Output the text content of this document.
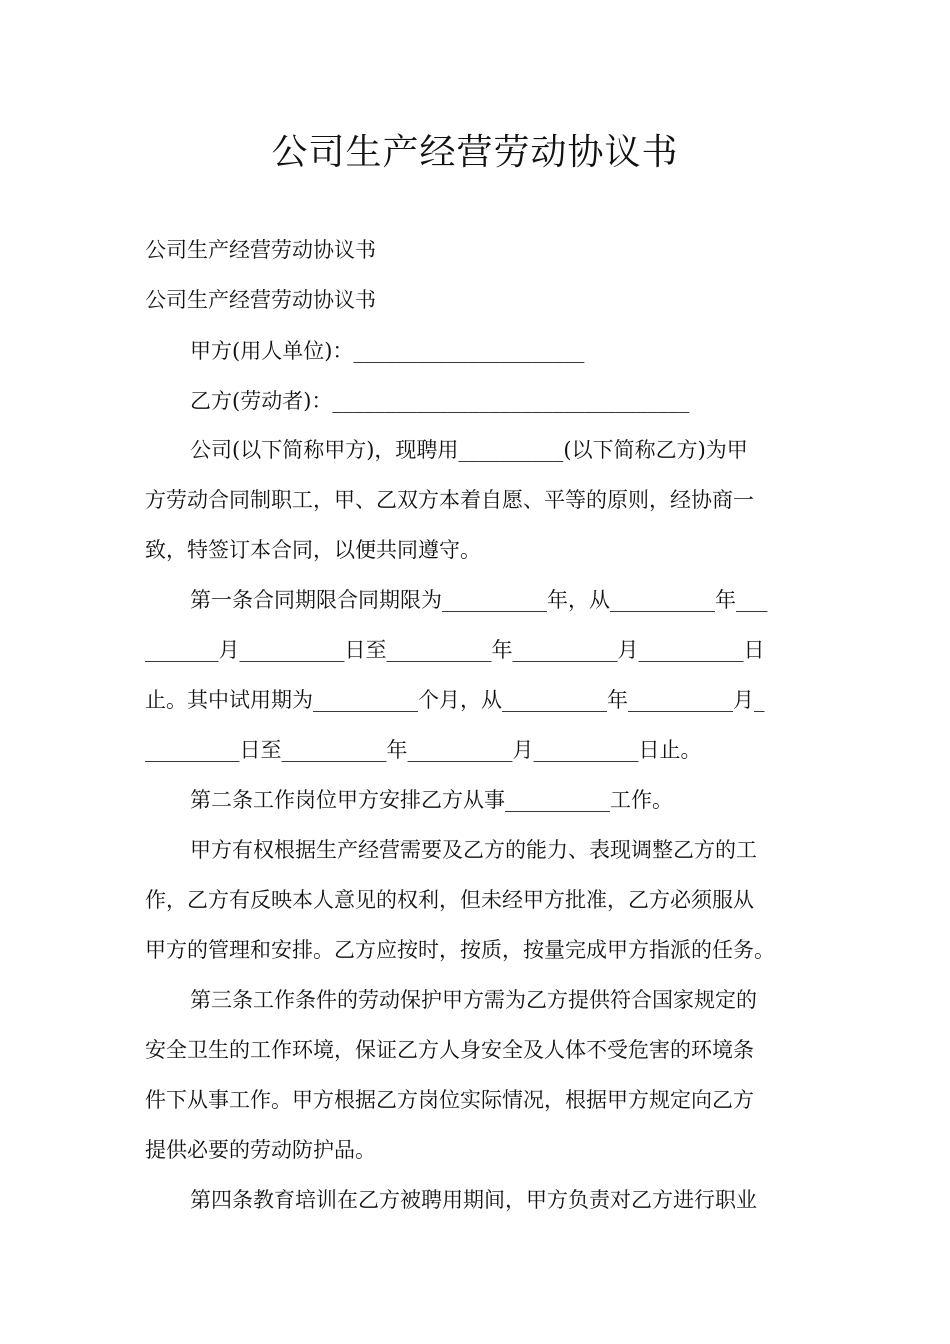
公司生产经营劳动协议书
公司生产经营劳动协议书
公司生产经营劳动协议书
甲方(用人单位)：______________________
乙方(劳动者)：__________________________________
公司(以下简称甲方)，现聘用__________(以下简称乙方)为甲
方劳动合同制职工，甲、乙双方本着自愿、平等的原则，经协商一
致，特签订本合同，以便共同遵守。
第一条合同期限合同期限为__________年，从__________年___
_______月__________日至__________年__________月__________日
止。其中试用期为__________个月，从__________年__________月_
_________日至__________年__________月__________日止。
第二条工作岗位甲方安排乙方从事__________工作。
甲方有权根据生产经营需要及乙方的能力、表现调整乙方的工
作，乙方有反映本人意见的权利，但未经甲方批准，乙方必须服从
甲方的管理和安排。乙方应按时，按质，按量完成甲方指派的任务。
第三条工作条件的劳动保护甲方需为乙方提供符合国家规定的
安全卫生的工作环境，保证乙方人身安全及人体不受危害的环境条
件下从事工作。甲方根据乙方岗位实际情况，根据甲方规定向乙方
提供必要的劳动防护品。
第四条教育培训在乙方被聘用期间，甲方负责对乙方进行职业
